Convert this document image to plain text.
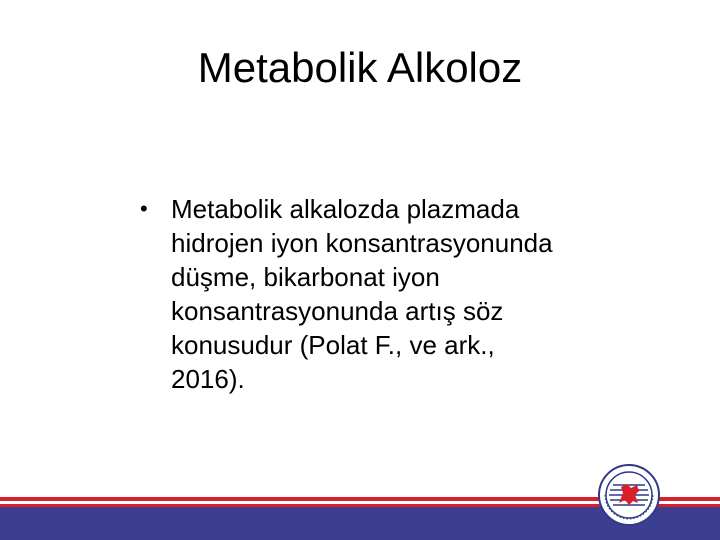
Metabolik Alkoloz
• Metabolik alkalozda plazmada
hidrojen iyon konsantrasyonunda
düşme, bikarbonat iyon
konsantrasyonunda artış söz
konusudur (Polat F., ve ark.,
2016).
